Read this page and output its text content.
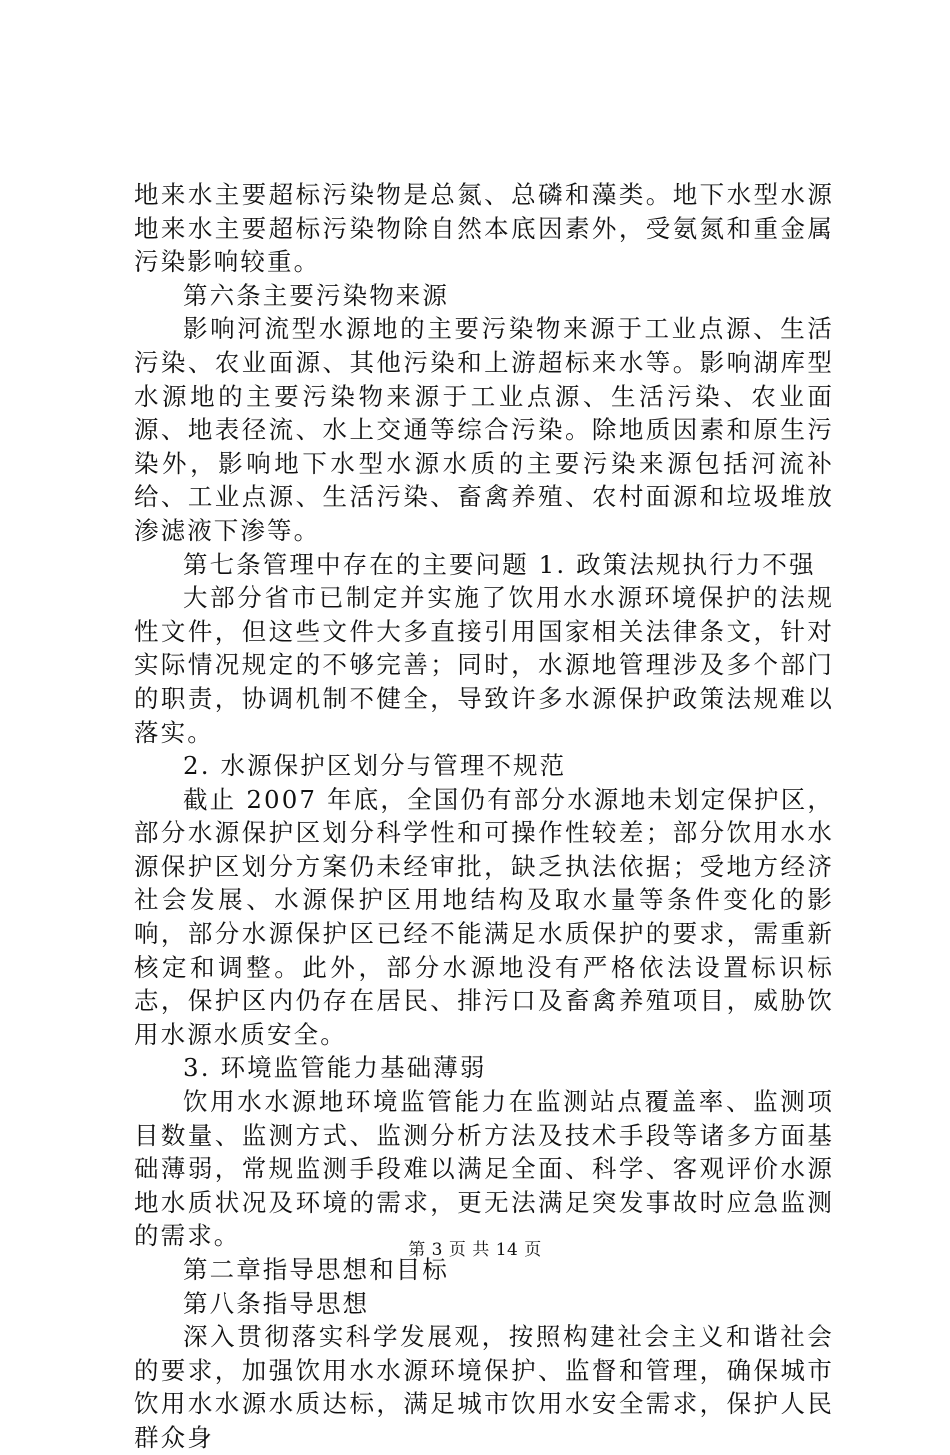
地来水主要超标污染物是总氮、总磷和藻类。地下水型水源地来水主要超标污染物除自然本底因素外，受氨氮和重金属污染影响较重。

第六条主要污染物来源

影响河流型水源地的主要污染物来源于工业点源、生活污染、农业面源、其他污染和上游超标来水等。影响湖库型水源地的主要污染物来源于工业点源、生活污染、农业面源、地表径流、水上交通等综合污染。除地质因素和原生污染外，影响地下水型水源水质的主要污染来源包括河流补给、工业点源、生活污染、畜禽养殖、农村面源和垃圾堆放渗滤液下渗等。

第七条管理中存在的主要问题 1. 政策法规执行力不强

大部分省市已制定并实施了饮用水水源环境保护的法规性文件，但这些文件大多直接引用国家相关法律条文，针对实际情况规定的不够完善；同时，水源地管理涉及多个部门的职责，协调机制不健全，导致许多水源保护政策法规难以落实。

2. 水源保护区划分与管理不规范

截止 2007 年底，全国仍有部分水源地未划定保护区，部分水源保护区划分科学性和可操作性较差；部分饮用水水源保护区划分方案仍未经审批，缺乏执法依据；受地方经济社会发展、水源保护区用地结构及取水量等条件变化的影响，部分水源保护区已经不能满足水质保护的要求，需重新核定和调整。此外，部分水源地没有严格依法设置标识标志，保护区内仍存在居民、排污口及畜禽养殖项目，威胁饮用水源水质安全。

3. 环境监管能力基础薄弱

饮用水水源地环境监管能力在监测站点覆盖率、监测项目数量、监测方式、监测分析方法及技术手段等诸多方面基础薄弱，常规监测手段难以满足全面、科学、客观评价水源地水质状况及环境的需求，更无法满足突发事故时应急监测的需求。

第二章指导思想和目标

第八条指导思想

深入贯彻落实科学发展观，按照构建社会主义和谐社会的要求，加强饮用水水源环境保护、监督和管理，确保城市饮用水水源水质达标，满足城市饮用水安全需求，保护人民群众身

第 3 页 共 14 页
